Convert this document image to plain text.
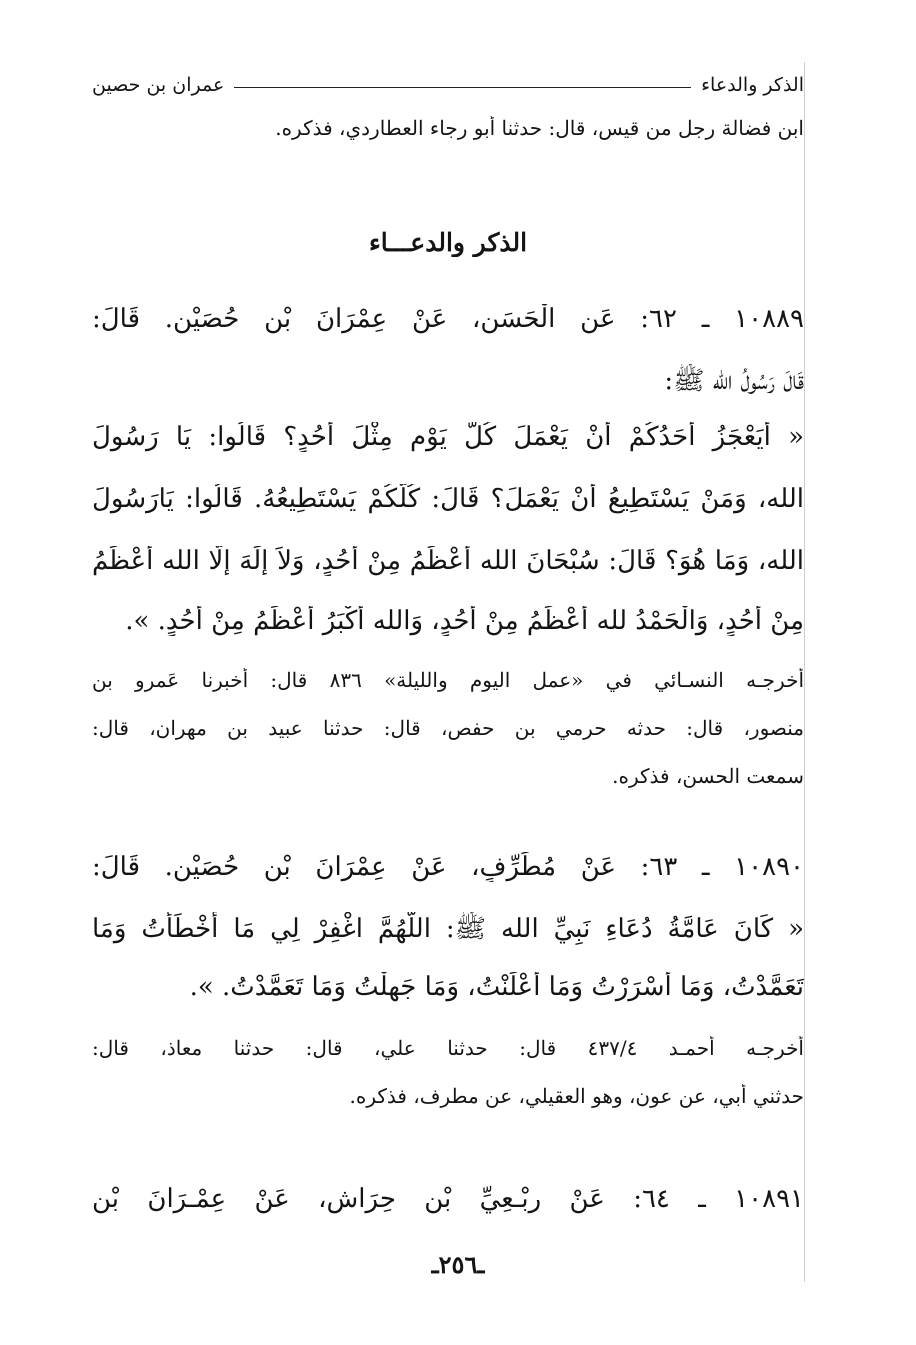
الذكر والدعاء
عمران بن حصين
ابن فضالة رجل من قيس، قال: حدثنا أبو رجاء العطاردي، فذكره.
الذكر والدعـــاء
١٠٨٨٩ ـ ٦٢: عَنِ الْحَسَنِ، عَنْ عِمْرَانَ بْنِ حُصَيْنٍ. قَالَ:
قَالَ رَسُولُ الله ﷺ:
« أَيَعْجَزُ أَحَدُكُمْ أَنْ يَعْمَلَ كُلَّ يَوْمٍ مِثْلَ أُحُدٍ؟ قَالُوا: يَا رَسُولَ
الله، وَمَنْ يَسْتَطِيعُ أَنْ يَعْمَلَ؟ قَالَ: كُلُّكُمْ يَسْتَطِيعُهُ. قَالُوا: يَارَسُولَ
الله، وَمَا هُوَ؟ قَالَ: سُبْحَانَ الله أَعْظَمُ مِنْ أُحُدٍ، وَلاَ إِلَهَ إِلَّا الله أَعْظَمُ
مِنْ أُحُدٍ، وَالْحَمْدُ لله أَعْظَمُ مِنْ أُحُدٍ، وَالله أَكْبَرُ أَعْظَمُ مِنْ أُحُدٍ. ».
أخرجـه النسـائي في «عمل اليوم والليلة» ٨٣٦ قال: أخبرنا عَمرو بن
منصور، قال: حدثه حرمي بن حفص، قال: حدثنا عبيد بن مهران، قال:
سمعت الحسن، فذكره.
١٠٨٩٠ ـ ٦٣: عَنْ مُطَرِّفٍ، عَنْ عِمْرَانَ بْنِ حُصَيْنٍ. قَالَ:
« كَانَ عَامَّةُ دُعَاءِ نَبِيِّ الله ﷺ: اللَّهُمَّ اغْفِرْ لِي مَا أَخْطَأْتُ وَمَا
تَعَمَّدْتُ، وَمَا أَسْرَرْتُ وَمَا أَعْلَنْتُ، وَمَا جَهِلْتُ وَمَا تَعَمَّدْتُ. ».
أخرجـه أحمـد ٤٣٧/٤ قال: حدثنا علي، قال: حدثنا معاذ، قال:
حدثني أبي، عن عون، وهو العقيلي، عن مطرف، فذكره.
١٠٨٩١ ـ ٦٤: عَنْ رِبْـعِيِّ بْنِ حِرَاشٍ، عَنْ عِمْـرَانَ بْنِ
ـ٢٥٦ـ
